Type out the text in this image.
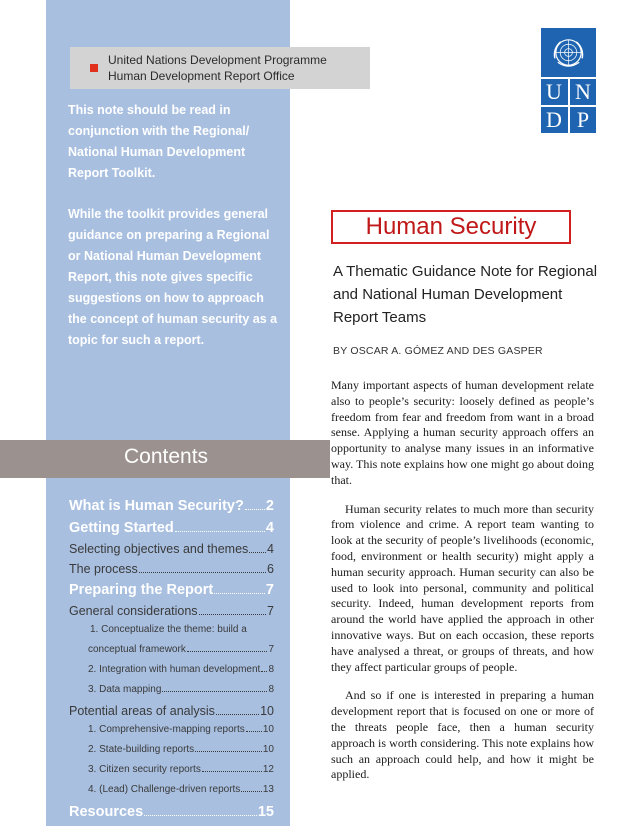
United Nations Development Programme
Human Development Report Office
U N
D P

This note should be read in conjunction with the Regional/ National Human Development Report Toolkit.

While the toolkit provides general guidance on preparing a Regional or National Human Development Report, this note gives specific suggestions on how to approach the concept of human security as a topic for such a report.

Contents
What is Human Security? 2
Getting Started	4
Selecting objectives and themes 4
The process	6
Preparing the Report	7
General considerations	7
1. Conceptualize the theme: build a
conceptual framework	7
2. Integration with human development 8
3. Data mapping	8
Potential areas of analysis	10
1. Comprehensive-mapping reports 10
2. State-building reports	10
3. Citizen security reports	12
4. (Lead) Challenge-driven reports 13
Resources	15
Human Security
A Thematic Guidance Note for Regional and National Human Development Report Teams
BY OSCAR A. GÓMEZ AND DES GASPER

Many important aspects of human development relate also to people’s security: loosely defined as people’s freedom from fear and freedom from want in a broad sense. Applying a human security approach offers an opportunity to analyse many issues in an informative way. This note explains how one might go about doing that.

Human security relates to much more than security from violence and crime. A report team wanting to look at the security of people’s livelihoods (economic, food, environment or health security) might apply a human security approach. Human security can also be used to look into personal, community and political security. Indeed, human development reports from around the world have applied the approach in other innovative ways. But on each occasion, these reports have analysed a threat, or groups of threats, and how they affect particular groups of people.

And so if one is interested in preparing a human development report that is focused on one or more of the threats people face, then a human security approach is worth considering. This note explains how such an approach could help, and how it might be applied.
